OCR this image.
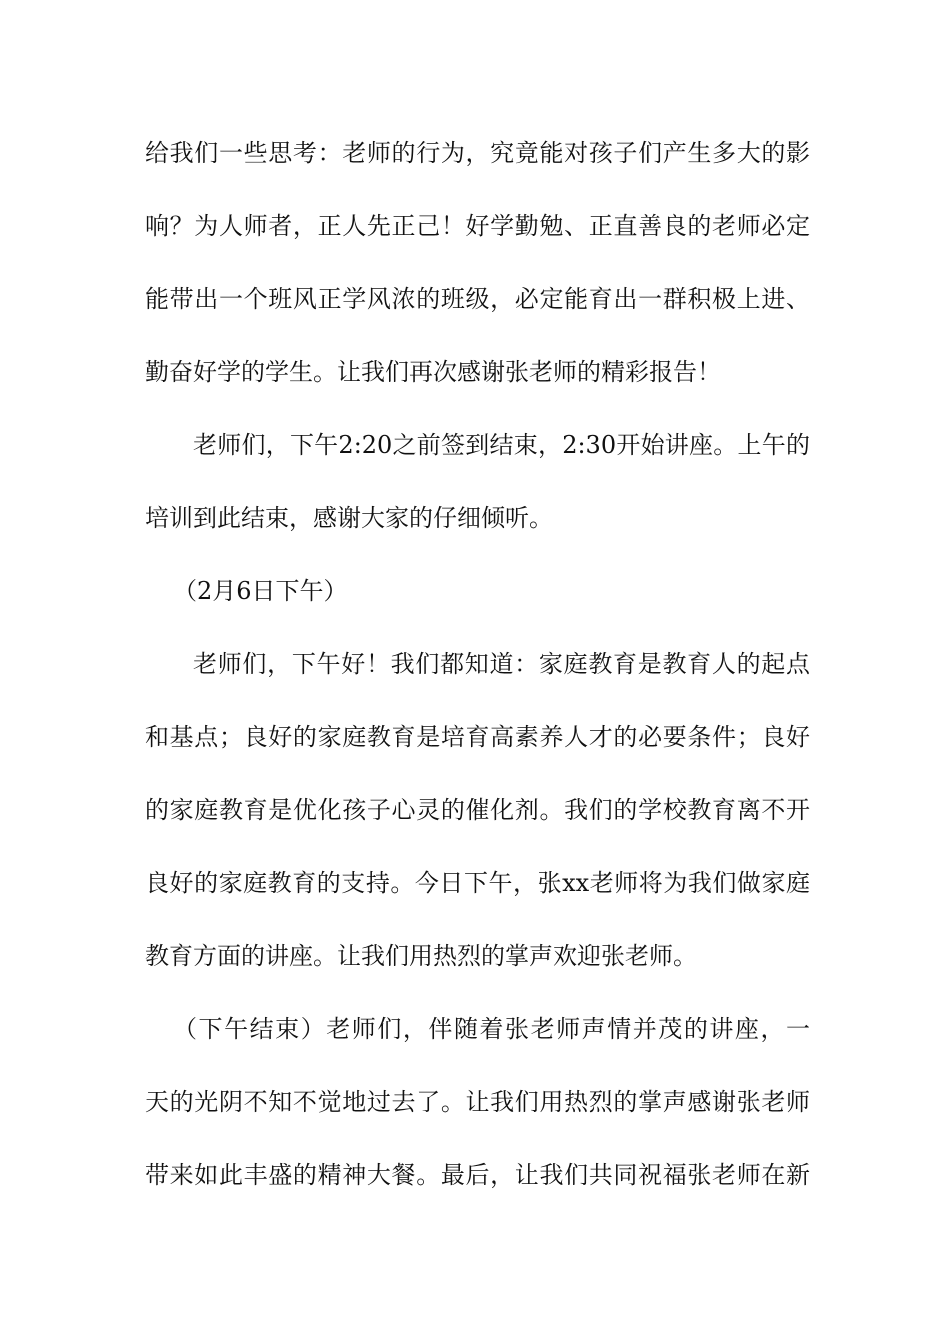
给我们一些思考：老师的行为，究竟能对孩子们产生多大的影
响？为人师者，正人先正己！好学勤勉、正直善良的老师必定
能带出一个班风正学风浓的班级，必定能育出一群积极上进、
勤奋好学的学生。让我们再次感谢张老师的精彩报告！
老师们，下午2:20之前签到结束，2:30开始讲座。上午的
培训到此结束，感谢大家的仔细倾听。
（2月6日下午）
老师们，下午好！我们都知道：家庭教育是教育人的起点
和基点；良好的家庭教育是培育高素养人才的必要条件；良好
的家庭教育是优化孩子心灵的催化剂。我们的学校教育离不开
良好的家庭教育的支持。今日下午，张xx老师将为我们做家庭
教育方面的讲座。让我们用热烈的掌声欢迎张老师。
（下午结束）老师们，伴随着张老师声情并茂的讲座，一
天的光阴不知不觉地过去了。让我们用热烈的掌声感谢张老师
带来如此丰盛的精神大餐。最后，让我们共同祝福张老师在新
